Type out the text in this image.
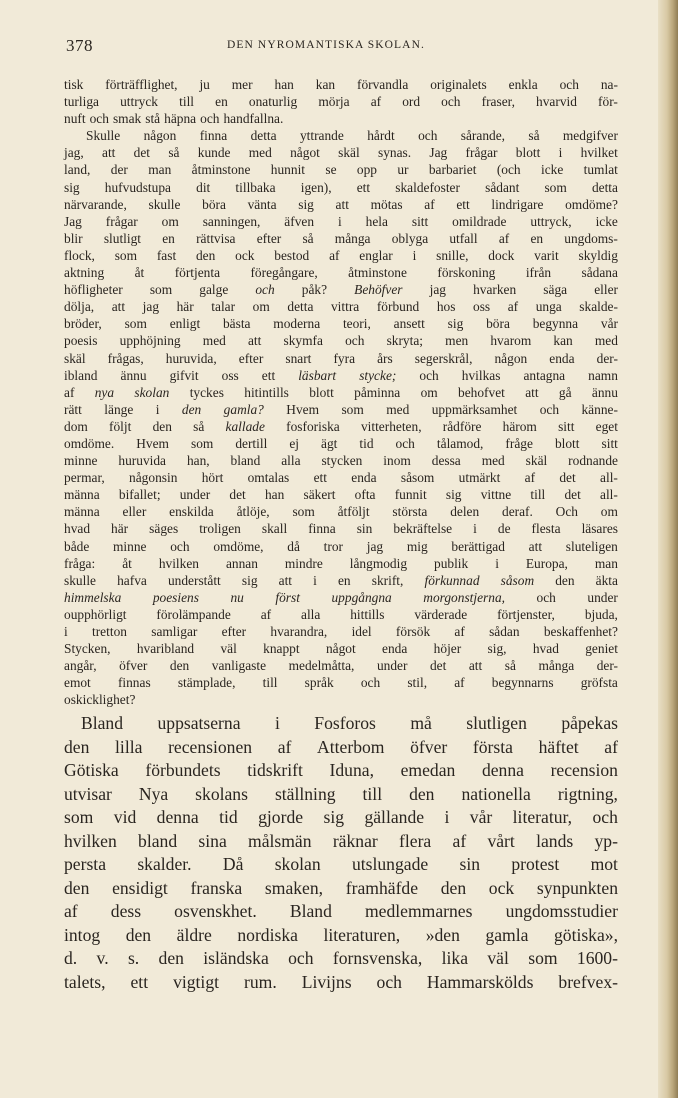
378	DEN NYROMANTISKA SKOLAN.
tisk förträfflighet, ju mer han kan förvandla originalets enkla och na-
turliga uttryck till en onaturlig mörja af ord och fraser, hvarvid för-
nuft och smak stå häpna och handfallna.
Skulle någon finna detta yttrande hårdt och sårande, så medgifver
jag, att det så kunde med något skäl synas. Jag frågar blott i hvilket
land, der man åtminstone hunnit se opp ur barbariet (och icke tumlat
sig hufvudstupa dit tillbaka igen), ett skaldefoster sådant som detta
närvarande, skulle böra vänta sig att mötas af ett lindrigare omdöme?
Jag frågar om sanningen, äfven i hela sitt omildrade uttryck, icke
blir slutligt en rättvisa efter så många oblyga utfall af en ungdoms-
flock, som fast den ock bestod af englar i snille, dock varit skyldig
aktning åt förtjenta föregångare, åtminstone förskoning ifrån sådana
höfligheter som galge och påk? Behöfver jag hvarken säga eller
dölja, att jag här talar om detta vittra förbund hos oss af unga skalde-
bröder, som enligt bästa moderna teori, ansett sig böra begynna vår
poesis upphöjning med att skymfa och skryta; men hvarom kan med
skäl frågas, huruvida, efter snart fyra års segerskrål, någon enda der-
ibland ännu gifvit oss ett läsbart stycke; och hvilkas antagna namn
af nya skolan tyckes hitintills blott påminna om behofvet att gå ännu
rätt länge i den gamla? Hvem som med uppmärksamhet och känne-
dom följt den så kallade fosforiska vitterheten, rådföre härom sitt eget
omdöme. Hvem som dertill ej ägt tid och tålamod, fråge blott sitt
minne huruvida han, bland alla stycken inom dessa med skäl rodnande
permar, någonsin hört omtalas ett enda såsom utmärkt af det all-
männa bifallet; under det han säkert ofta funnit sig vittne till det all-
männa eller enskilda åtlöje, som åtföljt största delen deraf. Och om
hvad här säges troligen skall finna sin bekräftelse i de flesta läsares
både minne och omdöme, då tror jag mig berättigad att sluteligen
fråga: åt hvilken annan mindre långmodig publik i Europa, man
skulle hafva understått sig att i en skrift, förkunnad såsom den äkta
himmelska poesiens nu först uppgångna morgonstjerna, och under
oupphörligt förolämpande af alla hittills värderade förtjenster, bjuda,
i tretton samligar efter hvarandra, idel försök af sådan beskaffenhet?
Stycken, hvaribland väl knappt något enda höjer sig, hvad geniet
angår, öfver den vanligaste medelmåtta, under det att så många der-
emot finnas stämplade, till språk och stil, af begynnarns gröfsta
oskicklighet?
Bland uppsatserna i Fosforos må slutligen påpekas
den lilla recensionen af Atterbom öfver första häftet af
Götiska förbundets tidskrift Iduna, emedan denna recension
utvisar Nya skolans ställning till den nationella rigtning,
som vid denna tid gjorde sig gällande i vår literatur, och
hvilken bland sina målsmän räknar flera af vårt lands yp-
persta skalder. Då skolan utslungade sin protest mot
den ensidigt franska smaken, framhäfde den ock synpunkten
af dess osvenskhet. Bland medlemmarnes ungdomsstudier
intog den äldre nordiska literaturen, »den gamla götiska»,
d. v. s. den isländska och fornsvenska, lika väl som 1600-
talets, ett vigtigt rum. Livijns och Hammarskölds brefvex-
